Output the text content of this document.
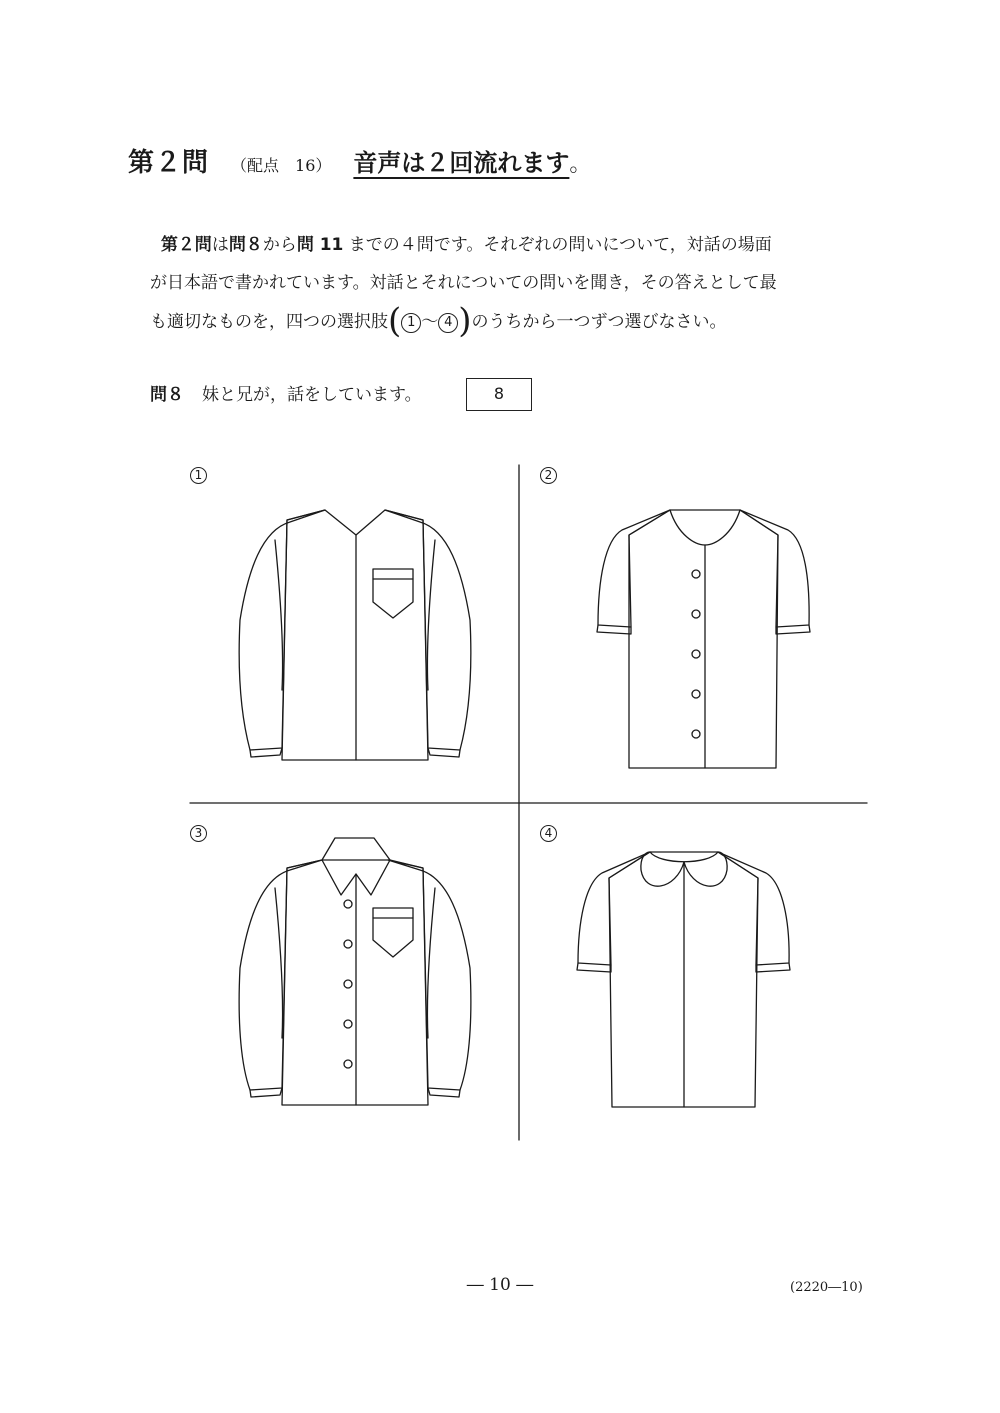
第２問 （配点　16） 音声は２回流れます 。
第２問は問８から問 11 までの４問です。それぞれの問いについて，対話の場面
が日本語で書かれています。対話とそれについての問いを聞き，その答えとして最
も適切なものを，四つの選択肢( 1 ～ 4 )のうちから一つずつ選びなさい。
問８ 妹と兄が，話をしています。	8
1	2
3	4
― 10 ―	(2220―10)
